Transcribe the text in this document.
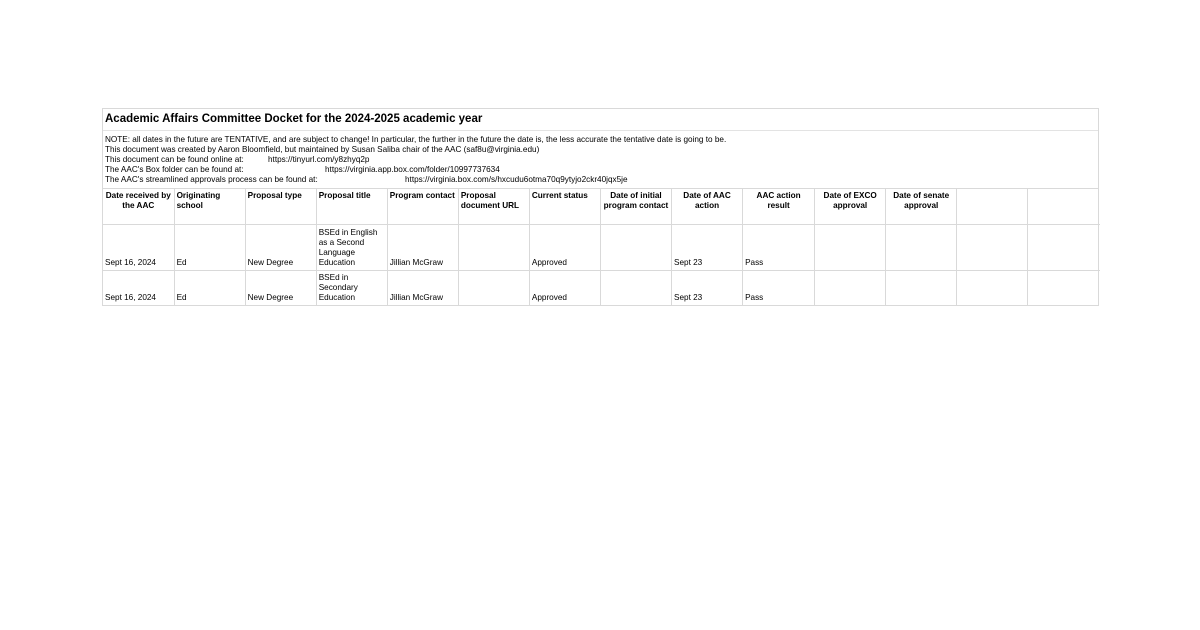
Academic Affairs Committee Docket for the 2024-2025 academic year
NOTE: all dates in the future are TENTATIVE, and are subject to change! In particular, the further in the future the date is, the less accurate the tentative date is going to be.
This document was created by Aaron Bloomfield, but maintained by Susan Saliba chair of the AAC (saf8u@virginia.edu)
This document can be found online at:	https://tinyurl.com/y8zhyq2p
The AAC's Box folder can be found at:	https://virginia.app.box.com/folder/10997737634
The AAC's streamlined approvals process can be found at:	https://virginia.box.com/s/hxcudu6otma70q9ytyjo2ckr40jqx5je
Date received by the AAC	Originating school	Proposal type	Proposal title	Program contact	Proposal document URL	Current status	Date of initial program contact	Date of AAC action	AAC action result	Date of EXCO approval	Date of senate approval		
Sept 16, 2024	Ed	New Degree	BSEd in English as a Second Language Education	Jillian McGraw		Approved		Sept 23	Pass				
Sept 16, 2024	Ed	New Degree	BSEd in Secondary Education	Jillian McGraw		Approved		Sept 23	Pass				
